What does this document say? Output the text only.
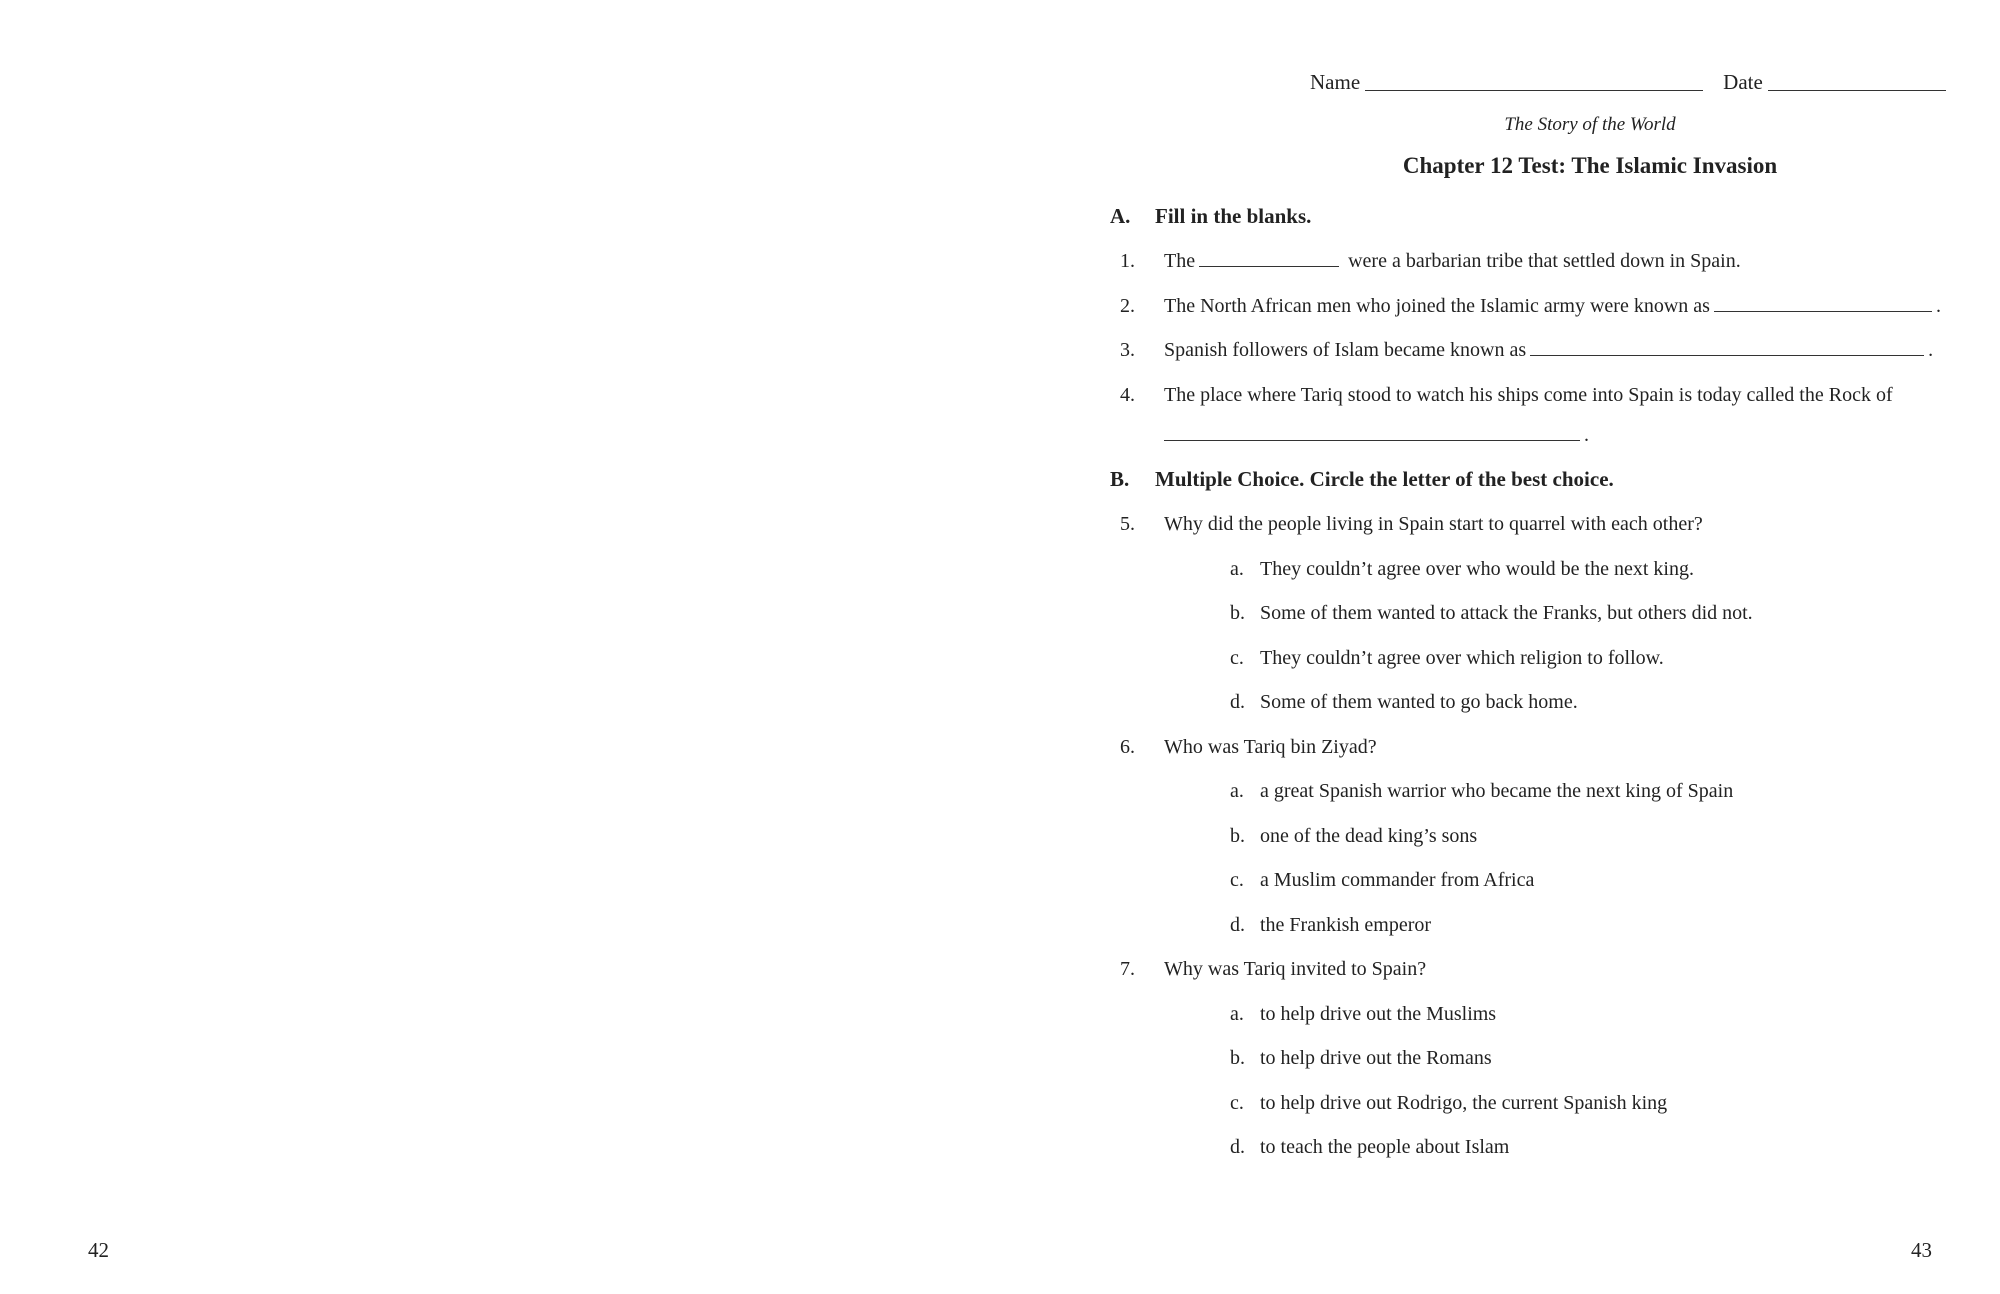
42
Name	Date
The Story of the World
Chapter 12 Test: The Islamic Invasion
A. Fill in the blanks.
1. The	were a barbarian tribe that settled down in Spain.
2. The North African men who joined the Islamic army were known as	.
3. Spanish followers of Islam became known as	.
4. The place where Tariq stood to watch his ships come into Spain is today called the Rock of
.
B. Multiple Choice. Circle the letter of the best choice.
5. Why did the people living in Spain start to quarrel with each other?
a. They couldn’t agree over who would be the next king.
b. Some of them wanted to attack the Franks, but others did not.
c. They couldn’t agree over which religion to follow.
d. Some of them wanted to go back home.
6. Who was Tariq bin Ziyad?
a. a great Spanish warrior who became the next king of Spain
b. one of the dead king’s sons
c. a Muslim commander from Africa
d. the Frankish emperor
7. Why was Tariq invited to Spain?
a. to help drive out the Muslims
b. to help drive out the Romans
c. to help drive out Rodrigo, the current Spanish king
d. to teach the people about Islam
43
